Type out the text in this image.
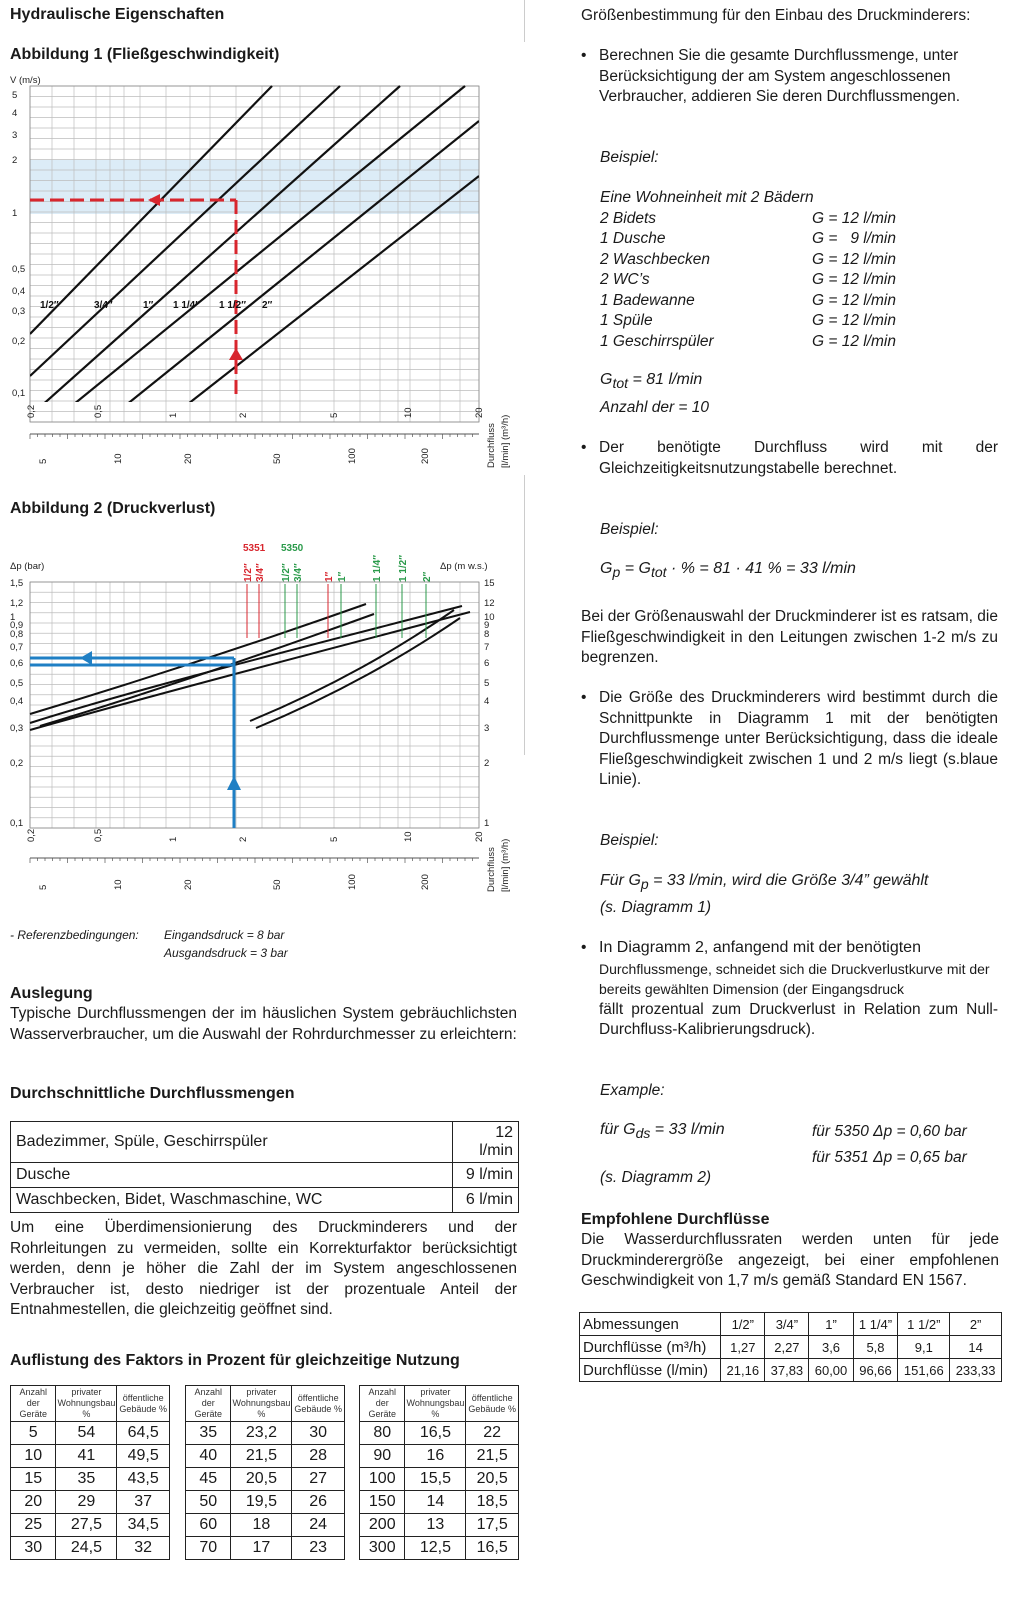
Hydraulische Eigenschaften
Abbildung 1 (Fließgeschwindigkeit)
5
4
3
2
1
0,5
0,4
0,3
0,2
0,1
1/2″	3/4″	1″ 1 1/4″ 1 1/2″ 2″
0,2	0,5	1	2	5	10	20
5	10	20	50	100	200	Durchfluss [l/min] (m³/h)
V (m/s)
Abbildung 2 (Druckverlust)
1/2″ 3/4″	1″
1/2″ 3/4″	1″ 1 1/4″ 1 1/2″ 2″
1,5
1,2
1
0,9
0,8
0,7
0,6
0,5
0,4
0,3
0,2
0,1
15
12
10
9
8
7
6
5
4
3
2
1
0,2	0,5	1	2	5	10	20
5	10	20	50	100	200	Durchfluss [l/min] (m³/h)
Δp (bar)	Δp (m w.s.)
5351 5350
- Referenzbedingungen: Eingandsdruck = 8 bar
Ausgandsdruck = 3 bar
Auslegung
Typische Durchflussmengen der im häuslichen System gebräuchlichsten Wasserverbraucher, um die Auswahl der Rohrdurchmesser zu erleichtern:
Durchschnittliche Durchflussmengen
Badezimmer, Spüle, Geschirrspüler	12 l/min
Dusche	9 l/min
Waschbecken, Bidet, Waschmaschine, WC	6 l/min
Um eine Überdimensionierung des Druckminderers und der Rohrleitungen zu vermeiden, sollte ein Korrekturfaktor berücksichtigt werden, denn je höher die Zahl der im System angeschlossenen Verbraucher ist, desto niedriger ist der prozentuale Anteil der Entnahmestellen, die gleichzeitig geöffnet sind.
Auflistung des Faktors in Prozent für gleichzeitige Nutzung
Anzahl der Geräte	privater Wohnungsbau %	öffentliche Gebäude %
5	54	64,5
10	41	49,5
15	35	43,5
20	29	37
25	27,5	34,5
30	24,5	32
Anzahl der Geräte	privater Wohnungsbau %	öffentliche Gebäude %
35	23,2	30
40	21,5	28
45	20,5	27
50	19,5	26
60	18	24
70	17	23
Anzahl der Geräte	privater Wohnungsbau %	öffentliche Gebäude %
80	16,5	22
90	16	21,5
100	15,5	20,5
150	14	18,5
200	13	17,5
300	12,5	16,5
Größenbestimmung für den Einbau des Druckminderers:
• Berechnen Sie die gesamte Durchflussmenge, unter Berücksichtigung der am System angeschlossenen Verbraucher, addieren Sie deren Durchflussmengen.
Beispiel:
Eine Wohneinheit mit 2 Bädern
2 Bidets	G = 12 l/min
1 Dusche	G =   9 l/min
2 Waschbecken	G = 12 l/min
2 WC’s	G = 12 l/min
1 Badewanne	G = 12 l/min
1 Spüle	G = 12 l/min
1 Geschirrspüler	G = 12 l/min
$G_{tot} = 81$ l/min
Anzahl der = 10
• Der benötigte Durchfluss wird mit der Gleichzeitigkeitsnutzungstabelle berechnet.
Beispiel:
$G_p = G_{tot}$ · % = 81 · 41 % = 33 l/min
Bei der Größenauswahl der Druckminderer ist es ratsam, die Fließgeschwindigkeit in den Leitungen zwischen 1-2 m/s zu begrenzen.
• Die Größe des Druckminderers wird bestimmt durch die Schnittpunkte in Diagramm 1 mit der benötigten Durchflussmenge unter Berücksichtigung, dass die ideale Fließgeschwindigkeit zwischen 1 und 2 m/s liegt (s.blaue Linie).
Beispiel:
Für $G_p = 33$ l/min, wird die Größe 3/4” gewählt
(s. Diagramm 1)
• In Diagramm 2, anfangend mit der benötigten
Durchflussmenge, schneidet sich die Druckverlustkurve mit der bereits gewählten Dimension (der Eingangsdruck
fällt prozentual zum Druckverlust in Relation zum Null-Durchfluss-Kalibrierungsdruck).
Example:
für $G_{ds} = 33$ l/min	für 5350 Δp = 0,60 bar
für 5351 Δp = 0,65 bar
(s. Diagramm 2)
Empfohlene Durchflüsse
Die Wasserdurchflussraten werden unten für jede Druckminderergröße angezeigt, bei einer empfohlenen Geschwindigkeit von 1,7 m/s gemäß Standard EN 1567.
Abmessungen	1/2”	3/4”	1”	1 1/4”	1 1/2”	2”
Durchflüsse (m³/h)	1,27	2,27	3,6	5,8	9,1	14
Durchflüsse (l/min)	21,16	37,83	60,00	96,66	151,66	233,33
